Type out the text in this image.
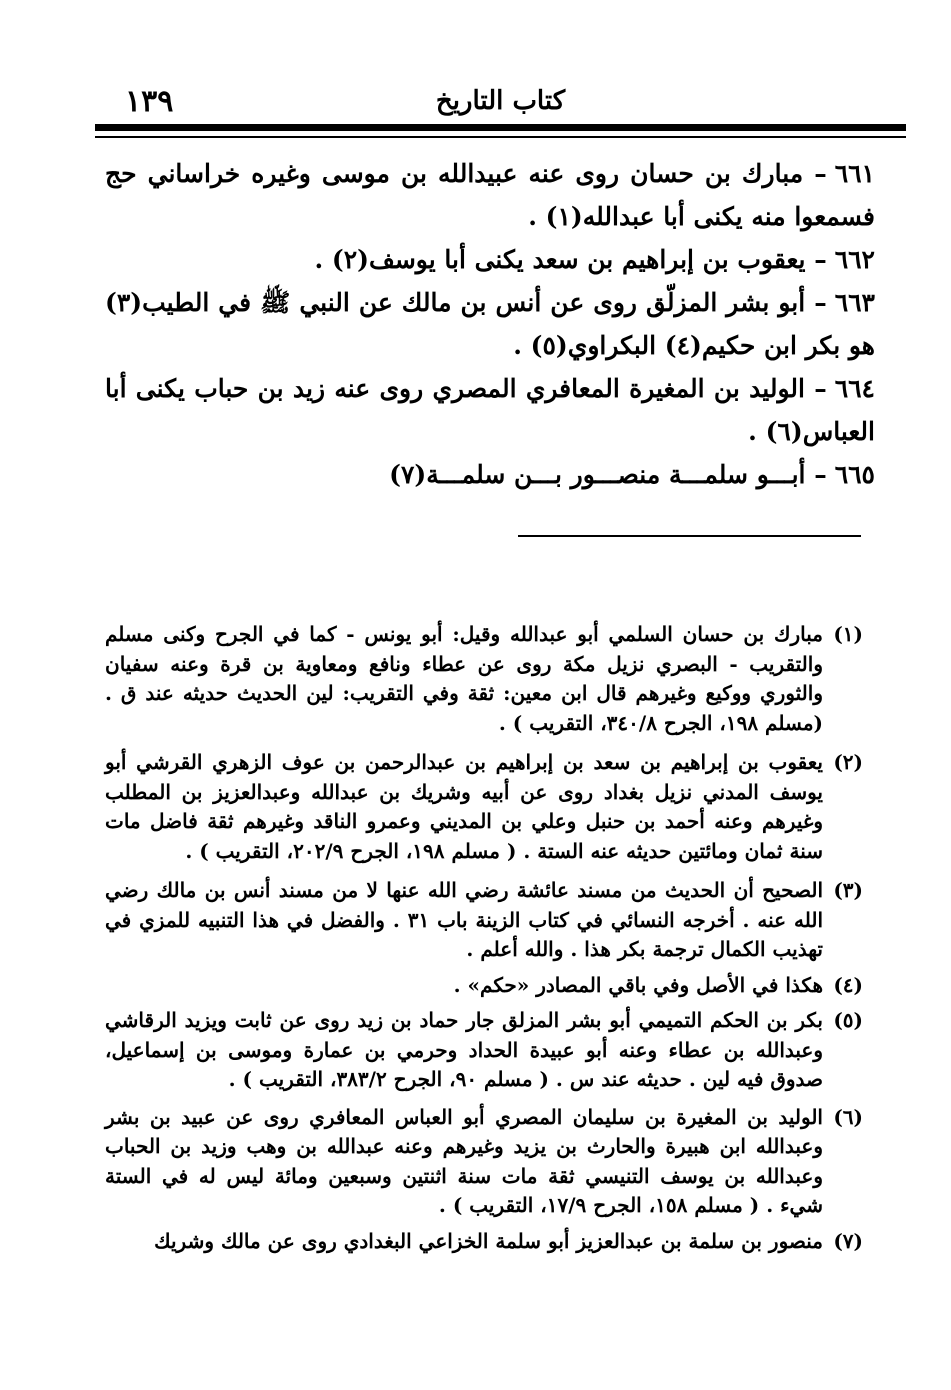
١٣٩	كتاب التاريخ

٦٦١– مبارك بن حسان روى عنه عبيدالله بن موسى وغيره خراساني حج فسمعوا منه يكنى أبا عبدالله(١) .

٦٦٢– يعقوب بن إبراهيم بن سعد يكنى أبا يوسف(٢) .

٦٦٣– أبو بشر المزلّق روى عن أنس بن مالك عن النبي ﷺ في الطيب(٣) هو بكر ابن حكيم(٤) البكراوي(٥) .

٦٦٤– الوليد بن المغيرة المعافري المصري روى عنه زيد بن حباب يكنى أبا العباس(٦) .

٦٦٥– أبـــو سلمـــة منصـــور بـــن سلمـــة(٧)

(١)
مبارك بن حسان السلمي أبو عبدالله وقيل: أبو يونس - كما في الجرح وكنى مسلم والتقريب - البصري نزيل مكة روى عن عطاء ونافع ومعاوية بن قرة وعنه سفيان والثوري ووكيع وغيرهم قال ابن معين: ثقة وفي التقريب: لين الحديث حديثه عند ق . (مسلم ١٩٨، الجرح ٣٤٠/٨، التقريب ) .
(٢)
يعقوب بن إبراهيم بن سعد بن إبراهيم بن عبدالرحمن بن عوف الزهري القرشي أبو يوسف المدني نزيل بغداد روى عن أبيه وشريك بن عبدالله وعبدالعزيز بن المطلب وغيرهم وعنه أحمد بن حنبل وعلي بن المديني وعمرو الناقد وغيرهم ثقة فاضل مات سنة ثمان ومائتين حديثه عنه الستة . ( مسلم ١٩٨، الجرح ٢٠٢/٩، التقريب ) .
(٣)
الصحيح أن الحديث من مسند عائشة رضي الله عنها لا من مسند أنس بن مالك رضي الله عنه . أخرجه النسائي في كتاب الزينة باب ٣١ . والفضل في هذا التنبيه للمزي في تهذيب الكمال ترجمة بكر هذا . والله أعلم .
(٤)
هكذا في الأصل وفي باقي المصادر «حكم» .
(٥)
بكر بن الحكم التميمي أبو بشر المزلق جار حماد بن زيد روى عن ثابت ويزيد الرقاشي وعبدالله بن عطاء وعنه أبو عبيدة الحداد وحرمي بن عمارة وموسى بن إسماعيل، صدوق فيه لين . حديثه عند س . ( مسلم ٩٠، الجرح ٣٨٣/٢، التقريب ) .
(٦)
الوليد بن المغيرة بن سليمان المصري أبو العباس المعافري روى عن عبيد بن بشر وعبدالله ابن هبيرة والحارث بن يزيد وغيرهم وعنه عبدالله بن وهب وزيد بن الحباب وعبدالله بن يوسف التنيسي ثقة مات سنة اثنتين وسبعين ومائة ليس له في الستة شيء . ( مسلم ١٥٨، الجرح ١٧/٩، التقريب ) .
(٧)
منصور بن سلمة بن عبدالعزيز أبو سلمة الخزاعي البغدادي روى عن مالك وشريك
